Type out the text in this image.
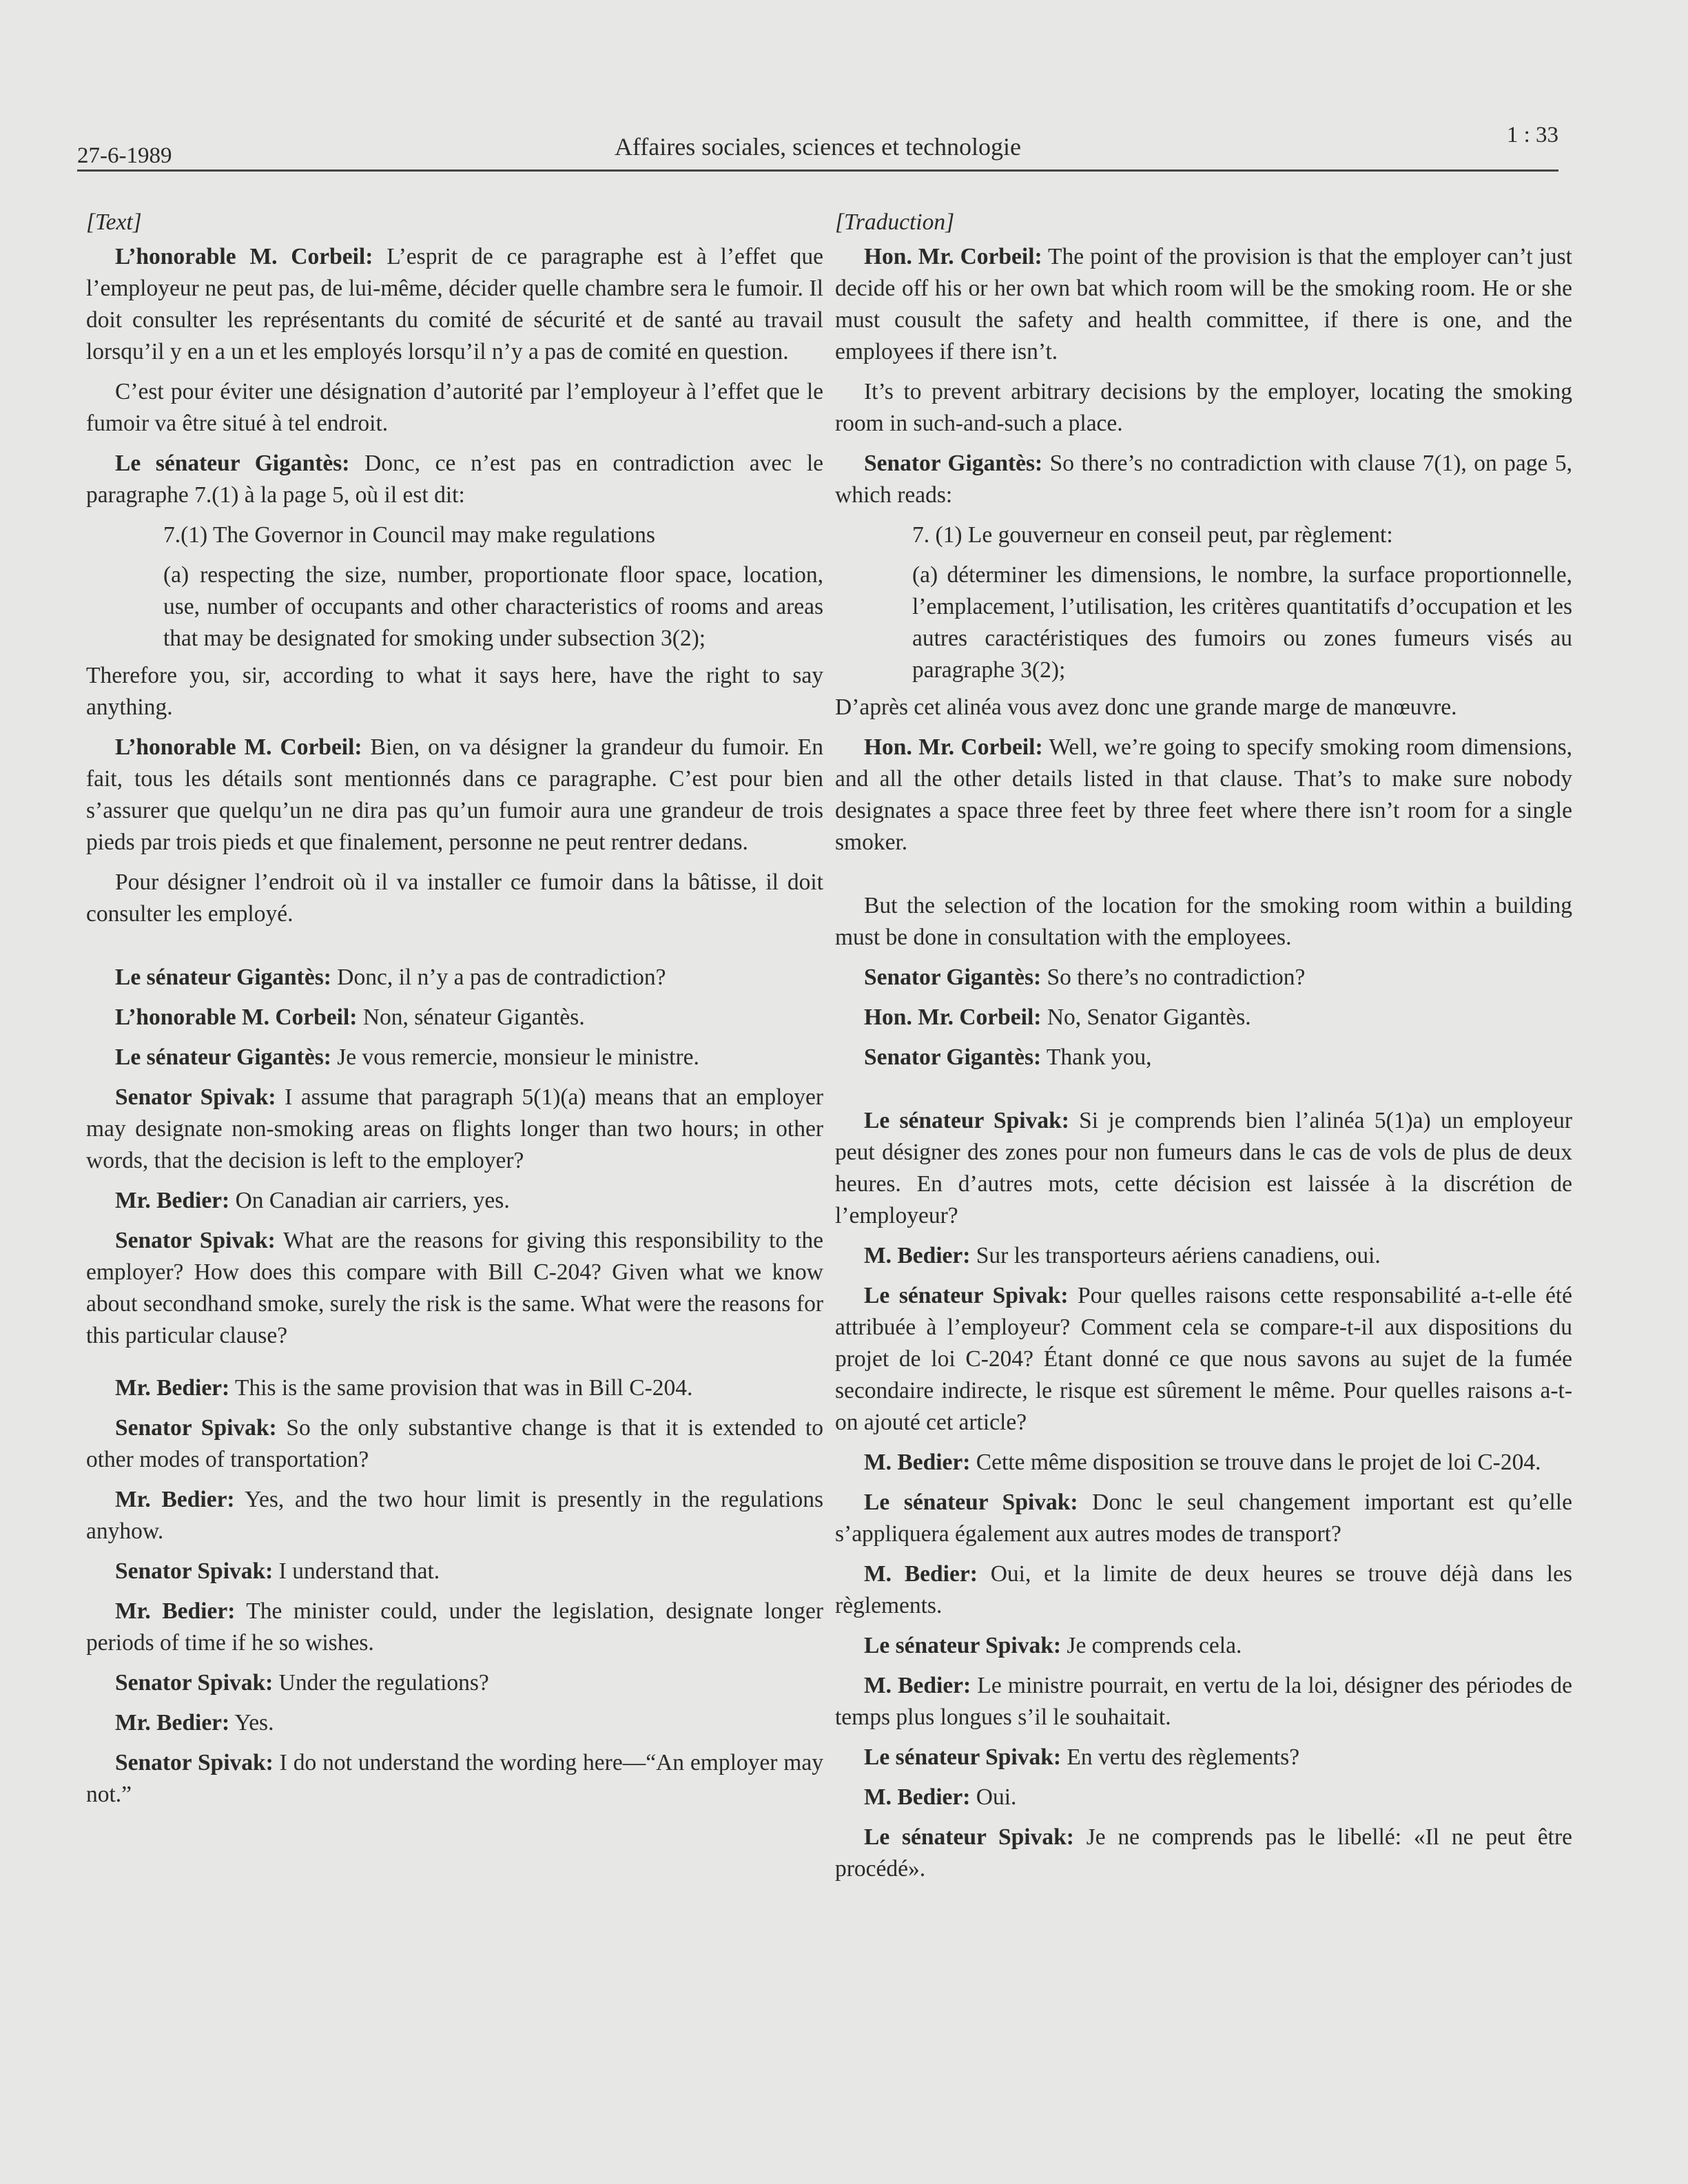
27-6-1989	Affaires sociales, sciences et technologie	1 : 33

[Text]

L’honorable M. Corbeil: L’esprit de ce paragraphe est à l’effet que l’employeur ne peut pas, de lui-même, décider quelle chambre sera le fumoir. Il doit consulter les représentants du comité de sécurité et de santé au travail lorsqu’il y en a un et les employés lorsqu’il n’y a pas de comité en question.

C’est pour éviter une désignation d’autorité par l’employeur à l’effet que le fumoir va être situé à tel endroit.

Le sénateur Gigantès: Donc, ce n’est pas en contradiction avec le paragraphe 7.(1) à la page 5, où il est dit:

7.(1) The Governor in Council may make regulations

(a) respecting the size, number, proportionate floor space, location, use, number of occupants and other characteristics of rooms and areas that may be designated for smoking under subsection 3(2);

Therefore you, sir, according to what it says here, have the right to say anything.

L’honorable M. Corbeil: Bien, on va désigner la grandeur du fumoir. En fait, tous les détails sont mentionnés dans ce paragraphe. C’est pour bien s’assurer que quelqu’un ne dira pas qu’un fumoir aura une grandeur de trois pieds par trois pieds et que finalement, personne ne peut rentrer dedans.

Pour désigner l’endroit où il va installer ce fumoir dans la bâtisse, il doit consulter les employé.

Le sénateur Gigantès: Donc, il n’y a pas de contradiction?

L’honorable M. Corbeil: Non, sénateur Gigantès.

Le sénateur Gigantès: Je vous remercie, monsieur le ministre.

Senator Spivak: I assume that paragraph 5(1)(a) means that an employer may designate non-smoking areas on flights longer than two hours; in other words, that the decision is left to the employer?

Mr. Bedier: On Canadian air carriers, yes.

Senator Spivak: What are the reasons for giving this responsibility to the employer? How does this compare with Bill C-204? Given what we know about secondhand smoke, surely the risk is the same. What were the reasons for this particular clause?

Mr. Bedier: This is the same provision that was in Bill C-204.

Senator Spivak: So the only substantive change is that it is extended to other modes of transportation?

Mr. Bedier: Yes, and the two hour limit is presently in the regulations anyhow.

Senator Spivak: I understand that.

Mr. Bedier: The minister could, under the legislation, designate longer periods of time if he so wishes.

Senator Spivak: Under the regulations?

Mr. Bedier: Yes.

Senator Spivak: I do not understand the wording here—“An employer may not.”

[Traduction]

Hon. Mr. Corbeil: The point of the provision is that the employer can’t just decide off his or her own bat which room will be the smoking room. He or she must cousult the safety and health committee, if there is one, and the employees if there isn’t.

It’s to prevent arbitrary decisions by the employer, locating the smoking room in such-and-such a place.

Senator Gigantès: So there’s no contradiction with clause 7(1), on page 5, which reads:

7. (1) Le gouverneur en conseil peut, par règlement:

(a) déterminer les dimensions, le nombre, la surface proportionnelle, l’emplacement, l’utilisation, les critères quantitatifs d’occupation et les autres caractéristiques des fumoirs ou zones fumeurs visés au paragraphe 3(2);

D’après cet alinéa vous avez donc une grande marge de manœuvre.

Hon. Mr. Corbeil: Well, we’re going to specify smoking room dimensions, and all the other details listed in that clause. That’s to make sure nobody designates a space three feet by three feet where there isn’t room for a single smoker.

But the selection of the location for the smoking room within a building must be done in consultation with the employees.

Senator Gigantès: So there’s no contradiction?

Hon. Mr. Corbeil: No, Senator Gigantès.

Senator Gigantès: Thank you,

Le sénateur Spivak: Si je comprends bien l’alinéa 5(1)a) un employeur peut désigner des zones pour non fumeurs dans le cas de vols de plus de deux heures. En d’autres mots, cette décision est laissée à la discrétion de l’employeur?

M. Bedier: Sur les transporteurs aériens canadiens, oui.

Le sénateur Spivak: Pour quelles raisons cette responsabilité a-t-elle été attribuée à l’employeur? Comment cela se compare-t-il aux dispositions du projet de loi C-204? Étant donné ce que nous savons au sujet de la fumée secondaire indirecte, le risque est sûrement le même. Pour quelles raisons a-t-on ajouté cet article?

M. Bedier: Cette même disposition se trouve dans le projet de loi C-204.

Le sénateur Spivak: Donc le seul changement important est qu’elle s’appliquera également aux autres modes de transport?

M. Bedier: Oui, et la limite de deux heures se trouve déjà dans les règlements.

Le sénateur Spivak: Je comprends cela.

M. Bedier: Le ministre pourrait, en vertu de la loi, désigner des périodes de temps plus longues s’il le souhaitait.

Le sénateur Spivak: En vertu des règlements?

M. Bedier: Oui.

Le sénateur Spivak: Je ne comprends pas le libellé: «Il ne peut être procédé».
